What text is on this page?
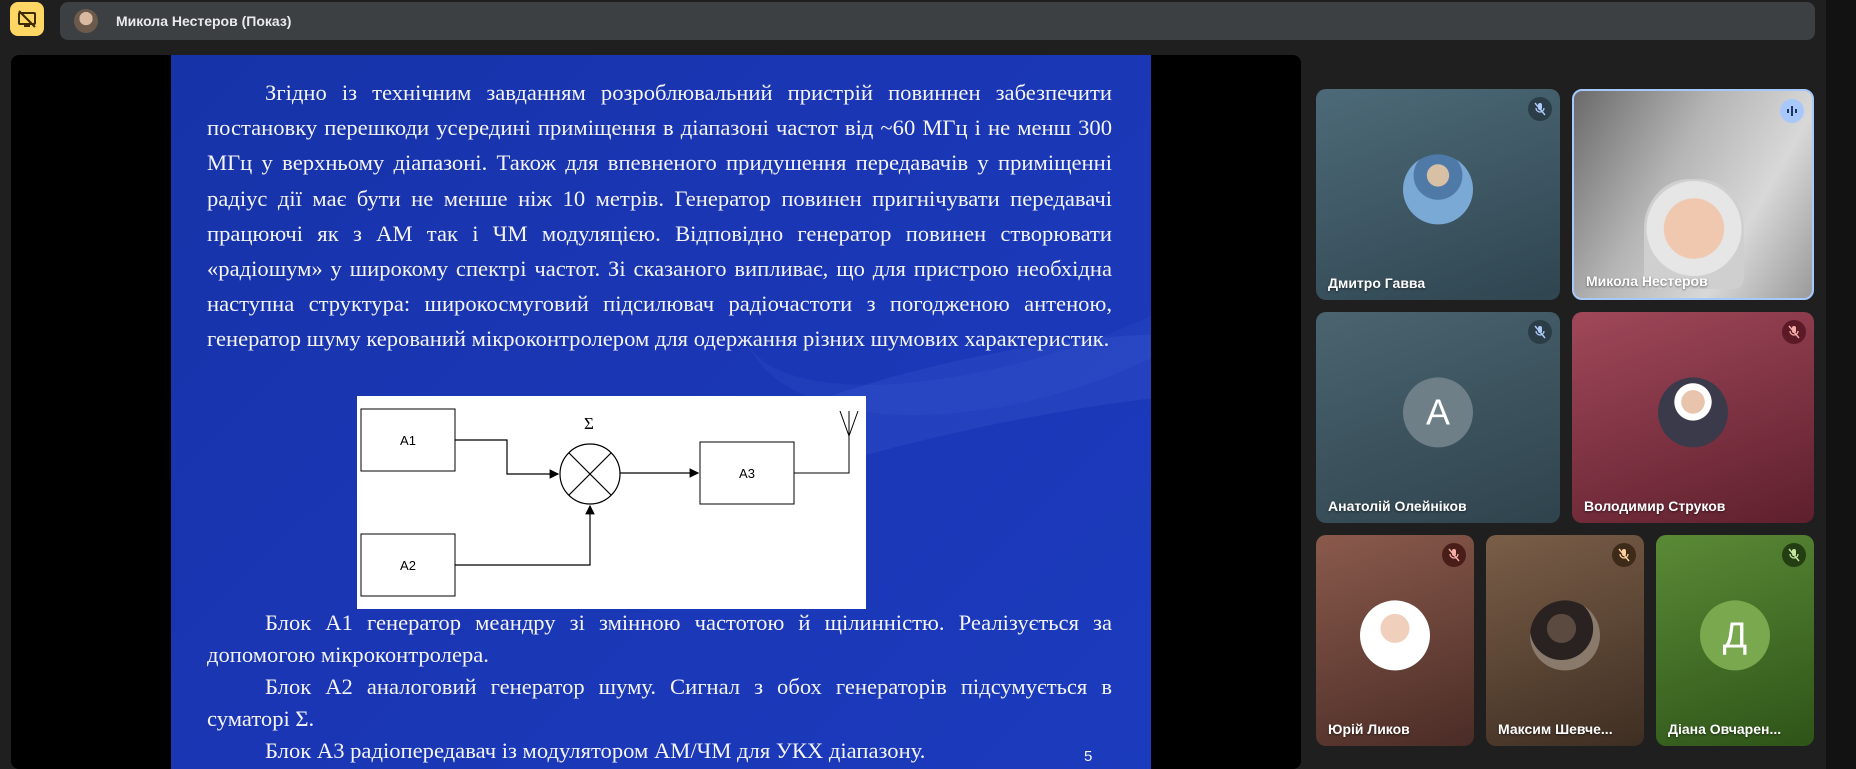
Микола Нестеров (Показ)
Згідно із технічним завданням розроблювальний пристрій повиннен забезпечити постановку перешкоди усередині приміщення в діапазоні частот від ~60 МГц і не менш 300 МГц у верхньому діапазоні. Також для впевненого придушення передавачів у приміщенні радіус дії має бути не менше ніж 10 метрів. Генератор повинен пригнічувати передавачі працюючі як з АМ так і ЧМ модуляцією. Відповідно генератор повинен створювати «радіошум» у широкому спектрі частот. Зі сказаного випливає, що для пристрою необхідна наступна структура: широкосмуговий підсилювач радіочастоти з погодженою антеною, генератор шуму керований мікроконтролером для одержання різних шумових характеристик.
А1
А2
Σ
А3

Блок А1 генератор меандру зі змінною частотою й щілинністю. Реалізується за допомогою мікроконтролера.

Блок А2 аналоговий генератор шуму. Сигнал з обох генераторів підсумується в суматорі Σ.

Блок А3 радіопередавач із модулятором АМ/ЧМ для УКХ діапазону.	5
Дмитро Гавва	Микола Нестеров
A
Анатолій Олейніков	Володимир Струков
Юрій Ликов	Максим Шевче...
Д
Діана Овчарен...
